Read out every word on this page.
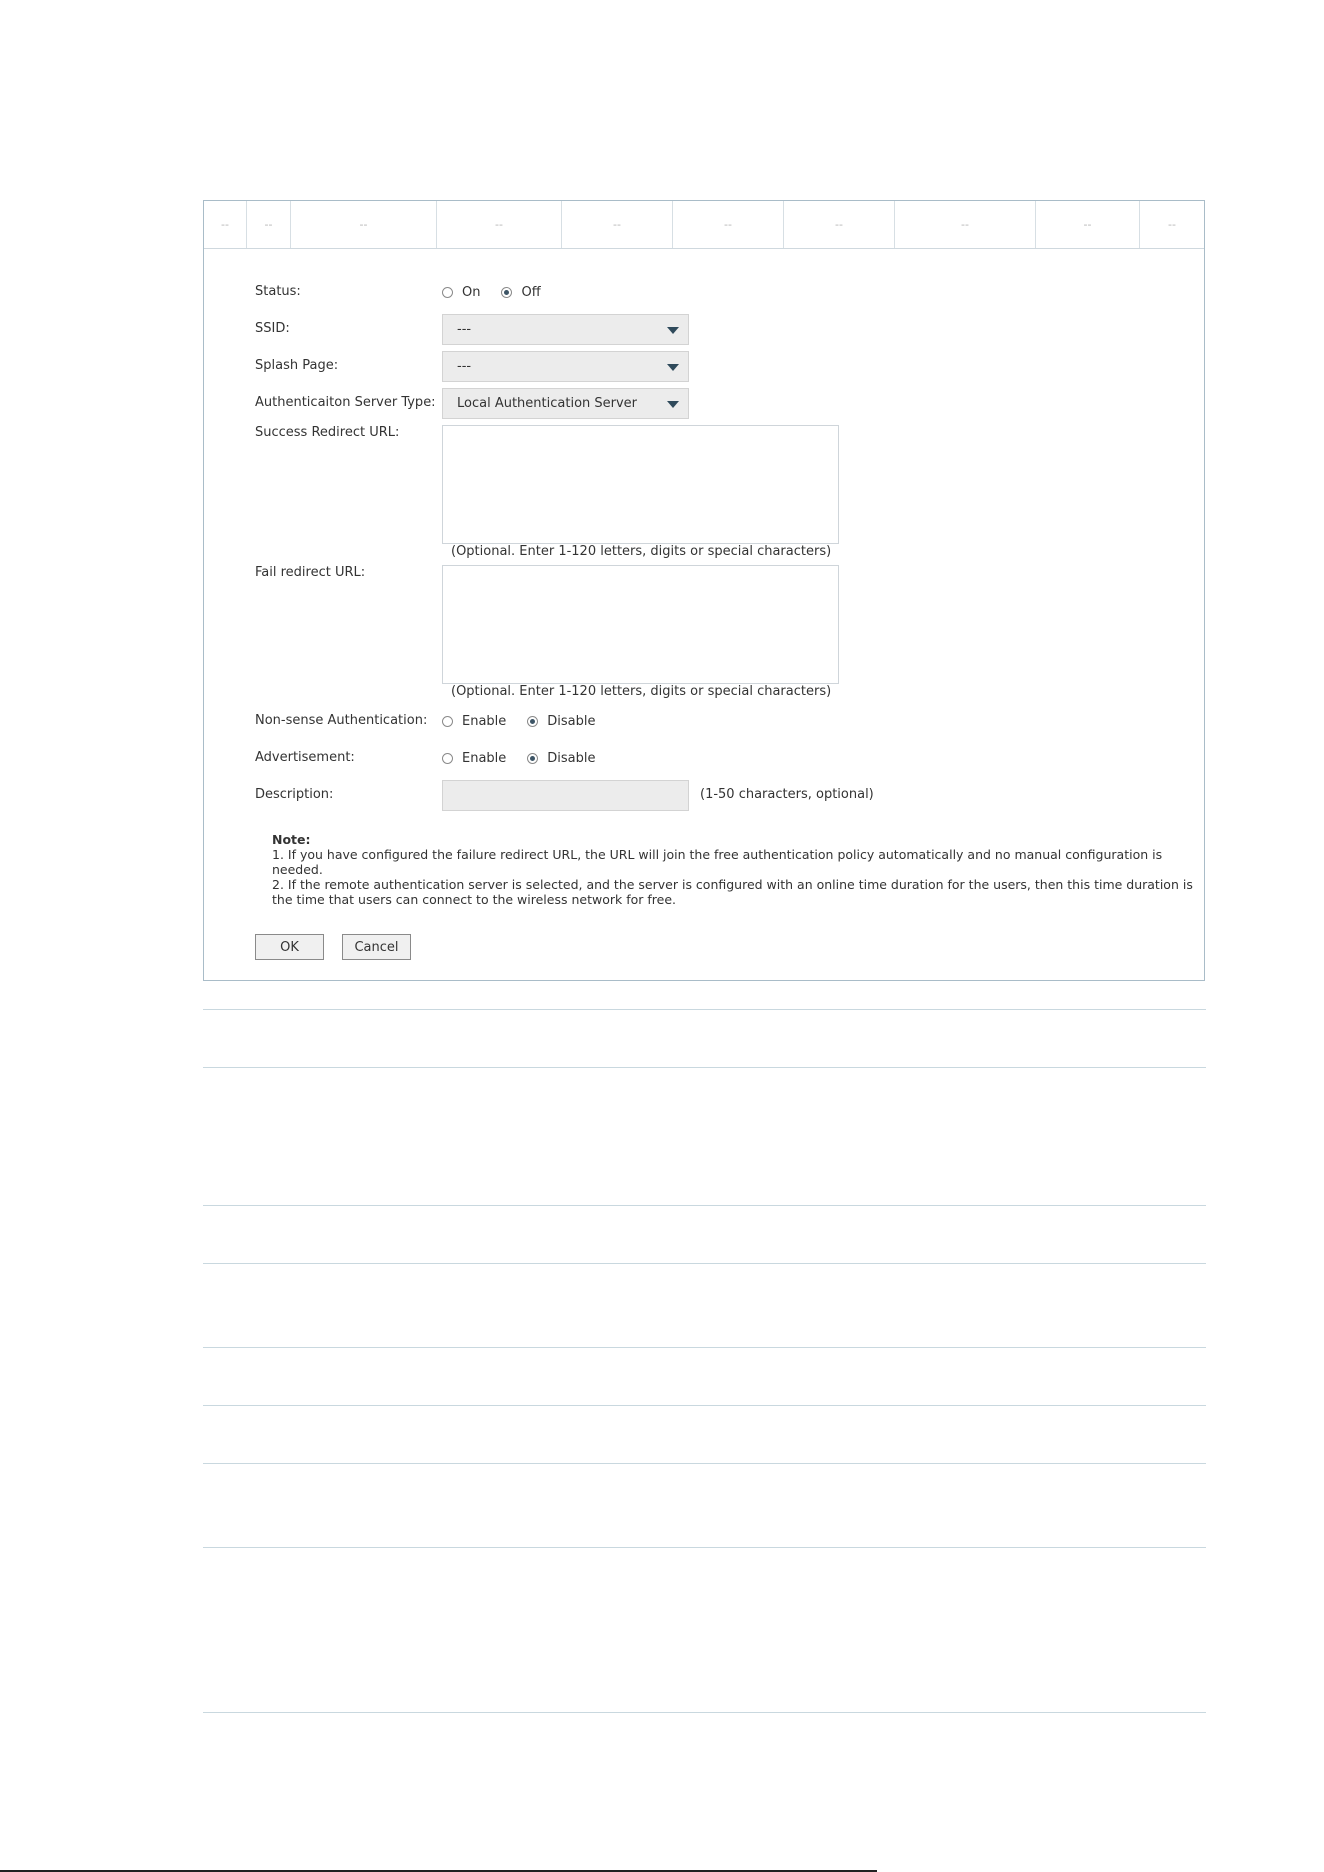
--	--	--	--	--	--	--	--	--	--
Status:	On	Off
SSID:	---
Splash Page:	---
Authenticaiton Server Type: Local Authentication Server
Success Redirect URL:
(Optional. Enter 1-120 letters, digits or special characters)
Fail redirect URL:
(Optional. Enter 1-120 letters, digits or special characters)
Non-sense Authentication:	Enable	Disable
Advertisement:	Enable	Disable
Description:	(1-50 characters, optional)
Note:
1. If you have configured the failure redirect URL, the URL will join the free authentication policy automatically and no manual configuration is needed.
2. If the remote authentication server is selected, and the server is configured with an online time duration for the users, then this time duration is the time that users can connect to the wireless network for free.
OK	Cancel
